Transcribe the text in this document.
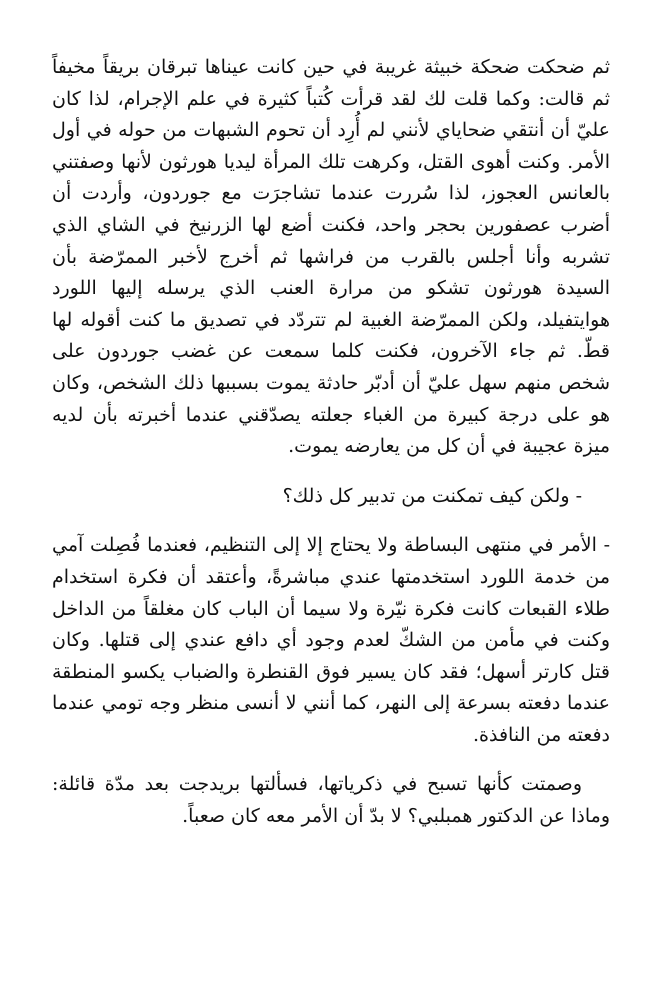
ثم ضحكت ضحكة خبيثة غريبة في حين كانت عيناها تبرقان بريقاً مخيفاً ثم قالت: وكما قلت لك لقد قرأت كُتباً كثيرة في علم الإجرام، لذا كان عليّ أن أنتقي ضحاياي لأنني لم أُرِد أن تحوم الشبهات من حوله في أول الأمر. وكنت أهوى القتل، وكرهت تلك المرأة ليديا هورثون لأنها وصفتني بالعانس العجوز، لذا سُررت عندما تشاجرَت مع جوردون، وأردت أن أضرب عصفورين بحجر واحد، فكنت أضع لها الزرنيخ في الشاي الذي تشربه وأنا أجلس بالقرب من فراشها ثم أخرج لأخبر الممرّضة بأن السيدة هورثون تشكو من مرارة العنب الذي يرسله إليها اللورد هوايتفيلد، ولكن الممرّضة الغبية لم تتردّد في تصديق ما كنت أقوله لها قطّ. ثم جاء الآخرون، فكنت كلما سمعت عن غضب جوردون على شخص منهم سهل عليّ أن أدبّر حادثة يموت بسببها ذلك الشخص، وكان هو على درجة كبيرة من الغباء جعلته يصدّقني عندما أخبرته بأن لديه ميزة عجيبة في أن كل من يعارضه يموت.

- ولكن كيف تمكنت من تدبير كل ذلك؟

- الأمر في منتهى البساطة ولا يحتاج إلا إلى التنظيم، فعندما فُصِلت آمي من خدمة اللورد استخدمتها عندي مباشرةً، وأعتقد أن فكرة استخدام طلاء القبعات كانت فكرة نيّرة ولا سيما أن الباب كان مغلقاً من الداخل وكنت في مأمن من الشكّ لعدم وجود أي دافع عندي إلى قتلها. وكان قتل كارتر أسهل؛ فقد كان يسير فوق القنطرة والضباب يكسو المنطقة عندما دفعته بسرعة إلى النهر، كما أنني لا أنسى منظر وجه تومي عندما دفعته من النافذة.

وصمتت كأنها تسبح في ذكرياتها، فسألتها بريدجت بعد مدّة قائلة: وماذا عن الدكتور همبلبي؟ لا بدّ أن الأمر معه كان صعباً.
